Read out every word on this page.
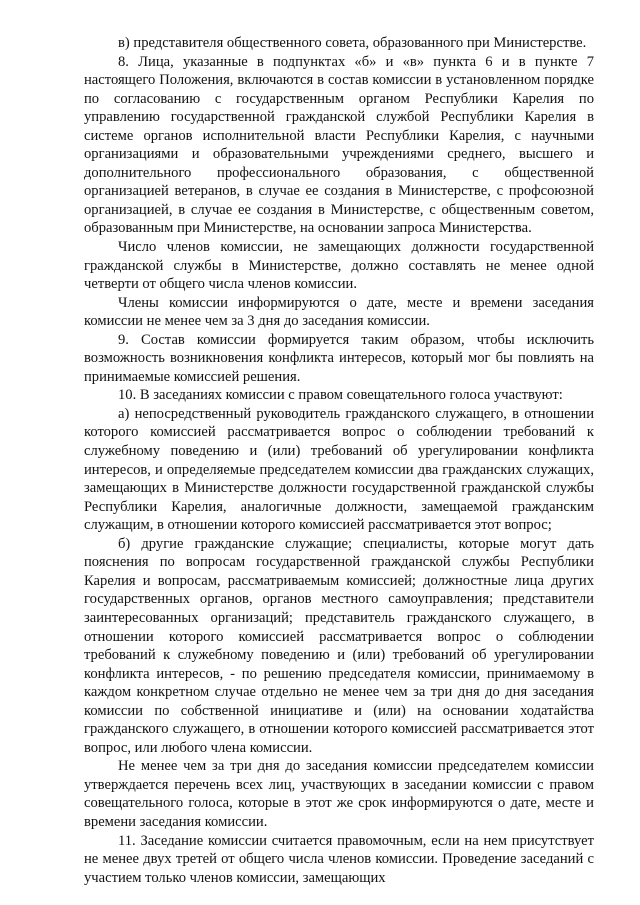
в) представителя общественного совета, образованного при Министерстве.

8. Лица, указанные в подпунктах «б» и «в» пункта 6 и в пункте 7 настоящего Положения, включаются в состав комиссии в установленном порядке по согласованию с государственным органом Республики Карелия по управлению государственной гражданской службой Республики Карелия в системе органов исполнительной власти Республики Карелия, с научными организациями и образовательными учреждениями среднего, высшего и дополнительного профессионального образования, с общественной организацией ветеранов, в случае ее создания в Министерстве, с профсоюзной организацией, в случае ее создания в Министерстве, с общественным советом, образованным при Министерстве, на основании запроса Министерства.

Число членов комиссии, не замещающих должности государственной гражданской службы в Министерстве, должно составлять не менее одной четверти от общего числа членов комиссии.

Члены комиссии информируются о дате, месте и времени заседания комиссии не менее чем за 3 дня до заседания комиссии.

9. Состав комиссии формируется таким образом, чтобы исключить возможность возникновения конфликта интересов, который мог бы повлиять на принимаемые комиссией решения.

10. В заседаниях комиссии с правом совещательного голоса участвуют:

а) непосредственный руководитель гражданского служащего, в отношении которого комиссией рассматривается вопрос о соблюдении требований к служебному поведению и (или) требований об урегулировании конфликта интересов, и определяемые председателем комиссии два гражданских служащих, замещающих в Министерстве должности государственной гражданской службы Республики Карелия, аналогичные должности, замещаемой гражданским служащим, в отношении которого комиссией рассматривается этот вопрос;

б) другие гражданские служащие; специалисты, которые могут дать пояснения по вопросам государственной гражданской службы Республики Карелия и вопросам, рассматриваемым комиссией; должностные лица других государственных органов, органов местного самоуправления; представители заинтересованных организаций; представитель гражданского служащего, в отношении которого комиссией рассматривается вопрос о соблюдении требований к служебному поведению и (или) требований об урегулировании конфликта интересов, - по решению председателя комиссии, принимаемому в каждом конкретном случае отдельно не менее чем за три дня до дня заседания комиссии по собственной инициативе и (или) на основании ходатайства гражданского служащего, в отношении которого комиссией рассматривается этот вопрос, или любого члена комиссии.

Не менее чем за три дня до заседания комиссии председателем комиссии утверждается перечень всех лиц, участвующих в заседании комиссии с правом совещательного голоса, которые в этот же срок информируются о дате, месте и времени заседания комиссии.

11. Заседание комиссии считается правомочным, если на нем присутствует не менее двух третей от общего числа членов комиссии. Проведение заседаний с участием только членов комиссии, замещающих
